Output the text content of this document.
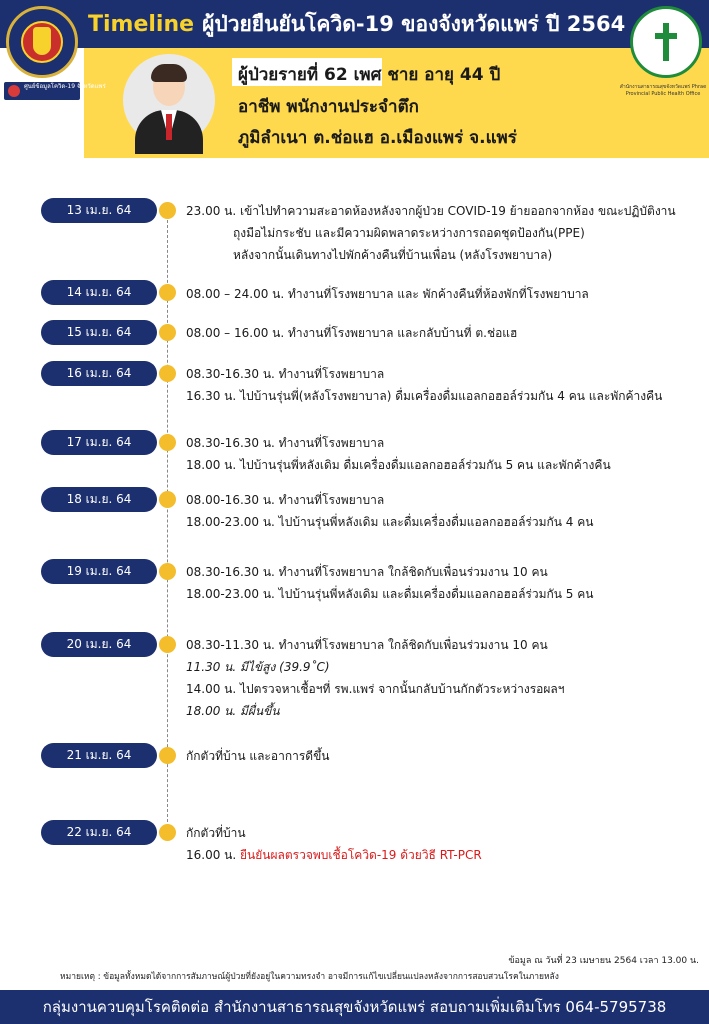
Timeline ผู้ป่วยยืนยันโควิด-19 ของจังหวัดแพร่ ปี 2564
ศูนย์ข้อมูลโควิด-19 จังหวัดแพร่	สำนักงานสาธารณสุขจังหวัดแพร่ Phrae Provincial Public Health Office
ผู้ป่วยรายที่ 62 เพศ ชาย อายุ 44 ปี
อาชีพ พนักงานประจำตึก
ภูมิลำเนา ต.ช่อแฮ อ.เมืองแพร่ จ.แพร่
13 เม.ย. 64	23.00 น. เข้าไปทำความสะอาดห้องหลังจากผู้ป่วย COVID-19 ย้ายออกจากห้อง ขณะปฏิบัติงาน
ถุงมือไม่กระชับ และมีความผิดพลาดระหว่างการถอดชุดป้องกัน(PPE)
หลังจากนั้นเดินทางไปพักค้างคืนที่บ้านเพื่อน (หลังโรงพยาบาล)
14 เม.ย. 64	08.00 – 24.00 น. ทำงานที่โรงพยาบาล และ พักค้างคืนที่ห้องพักที่โรงพยาบาล
15 เม.ย. 64	08.00 – 16.00 น. ทำงานที่โรงพยาบาล และกลับบ้านที่ ต.ช่อแฮ
16 เม.ย. 64	08.30-16.30 น. ทำงานที่โรงพยาบาล
16.30 น. ไปบ้านรุ่นพี่(หลังโรงพยาบาล) ดื่มเครื่องดื่มแอลกอฮอล์ร่วมกัน 4 คน และพักค้างคืน
17 เม.ย. 64	08.30-16.30 น. ทำงานที่โรงพยาบาล
18.00 น. ไปบ้านรุ่นพี่หลังเดิม ดื่มเครื่องดื่มแอลกอฮอล์ร่วมกัน 5 คน และพักค้างคืน
18 เม.ย. 64	08.00-16.30 น. ทำงานที่โรงพยาบาล
18.00-23.00 น. ไปบ้านรุ่นพี่หลังเดิม และดื่มเครื่องดื่มแอลกอฮอล์ร่วมกัน 4 คน
19 เม.ย. 64	08.30-16.30 น. ทำงานที่โรงพยาบาล ใกล้ชิดกับเพื่อนร่วมงาน 10 คน
18.00-23.00 น. ไปบ้านรุ่นพี่หลังเดิม และดื่มเครื่องดื่มแอลกอฮอล์ร่วมกัน 5 คน
20 เม.ย. 64	08.30-11.30 น. ทำงานที่โรงพยาบาล ใกล้ชิดกับเพื่อนร่วมงาน 10 คน
11.30 น. มีไข้สูง (39.9˚C)
14.00 น. ไปตรวจหาเชื้อฯที่ รพ.แพร่ จากนั้นกลับบ้านกักตัวระหว่างรอผลฯ
18.00 น. มีผื่นขึ้น
21 เม.ย. 64	กักตัวที่บ้าน และอาการดีขึ้น
22 เม.ย. 64	กักตัวที่บ้าน
16.00 น. ยืนยันผลตรวจพบเชื้อโควิด-19 ด้วยวิธี RT-PCR
ข้อมูล ณ วันที่ 23 เมษายน 2564 เวลา 13.00 น.
หมายเหตุ : ข้อมูลทั้งหมดได้จากการสัมภาษณ์ผู้ป่วยที่ยังอยู่ในความทรงจำ อาจมีการแก้ไขเปลี่ยนแปลงหลังจากการสอบสวนโรคในภายหลัง
กลุ่มงานควบคุมโรคติดต่อ สำนักงานสาธารณสุขจังหวัดแพร่ สอบถามเพิ่มเติมโทร 064-5795738
